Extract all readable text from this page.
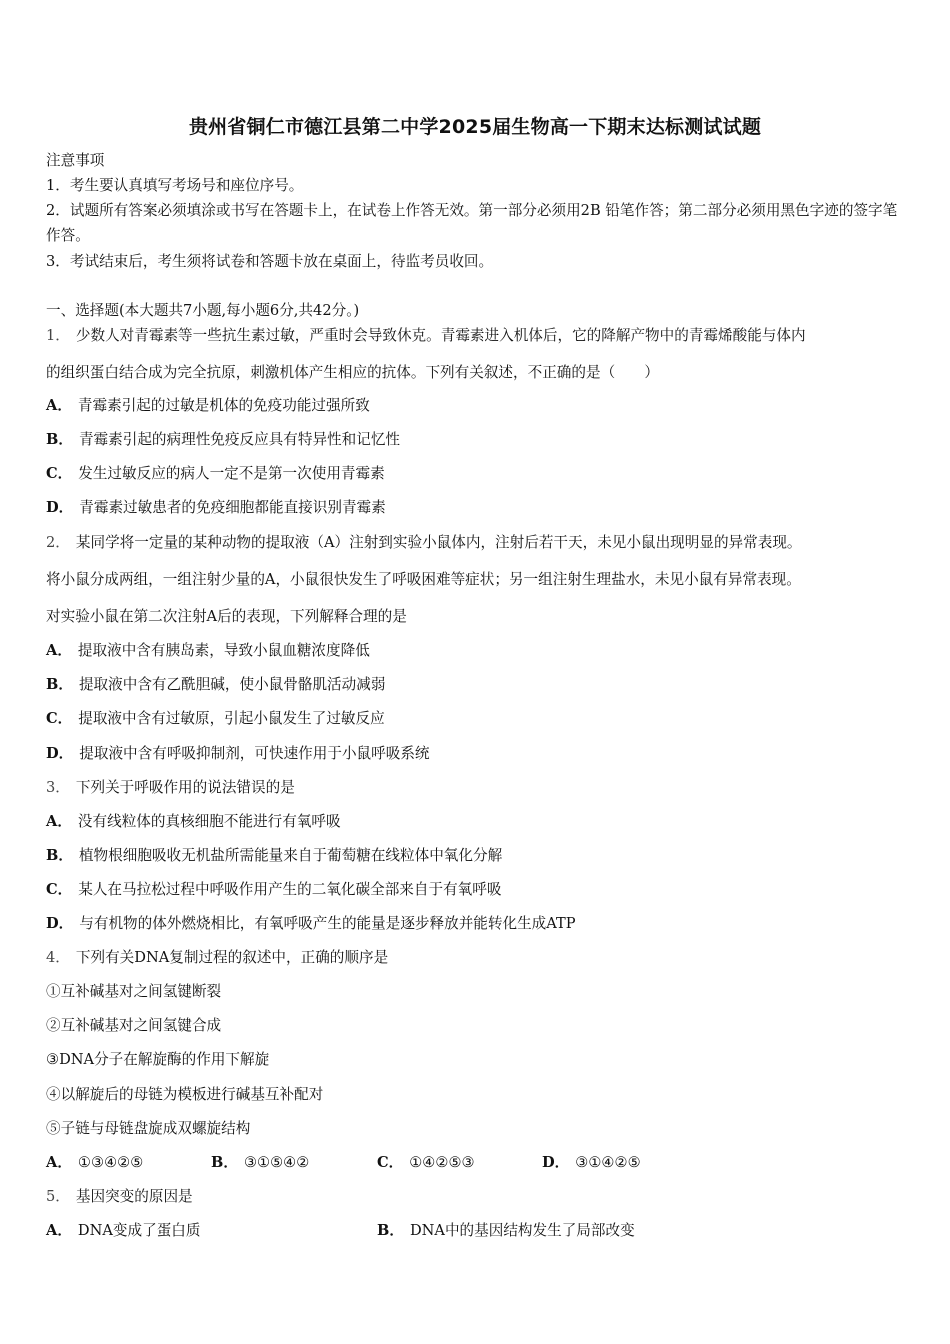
贵州省铜仁市德江县第二中学2025届生物高一下期末达标测试试题
注意事项
1．考生要认真填写考场号和座位序号。
2．试题所有答案必须填涂或书写在答题卡上，在试卷上作答无效。第一部分必须用2B 铅笔作答；第二部分必须用黑色字迹的签字笔作答。
3．考试结束后，考生须将试卷和答题卡放在桌面上，待监考员收回。
一、选择题(本大题共7小题,每小题6分,共42分。)
1． 少数人对青霉素等一些抗生素过敏，严重时会导致休克。青霉素进入机体后，它的降解产物中的青霉烯酸能与体内
的组织蛋白结合成为完全抗原，刺激机体产生相应的抗体。下列有关叙述，不正确的是（　　）
A． 青霉素引起的过敏是机体的免疫功能过强所致
B． 青霉素引起的病理性免疫反应具有特异性和记忆性
C． 发生过敏反应的病人一定不是第一次使用青霉素
D． 青霉素过敏患者的免疫细胞都能直接识别青霉素
2． 某同学将一定量的某种动物的提取液（A）注射到实验小鼠体内，注射后若干天，未见小鼠出现明显的异常表现。
将小鼠分成两组，一组注射少量的A，小鼠很快发生了呼吸困难等症状；另一组注射生理盐水，未见小鼠有异常表现。
对实验小鼠在第二次注射A后的表现，下列解释合理的是
A． 提取液中含有胰岛素，导致小鼠血糖浓度降低
B． 提取液中含有乙酰胆碱，使小鼠骨骼肌活动减弱
C． 提取液中含有过敏原，引起小鼠发生了过敏反应
D． 提取液中含有呼吸抑制剂，可快速作用于小鼠呼吸系统
3． 下列关于呼吸作用的说法错误的是
A． 没有线粒体的真核细胞不能进行有氧呼吸
B． 植物根细胞吸收无机盐所需能量来自于葡萄糖在线粒体中氧化分解
C． 某人在马拉松过程中呼吸作用产生的二氧化碳全部来自于有氧呼吸
D． 与有机物的体外燃烧相比，有氧呼吸产生的能量是逐步释放并能转化生成ATP
4． 下列有关DNA复制过程的叙述中，正确的顺序是
①互补碱基对之间氢键断裂
②互补碱基对之间氢键合成
③DNA分子在解旋酶的作用下解旋
④以解旋后的母链为模板进行碱基互补配对
⑤子链与母链盘旋成双螺旋结构
A． ①③④②⑤	B． ③①⑤④②	C． ①④②⑤③	D． ③①④②⑤
5． 基因突变的原因是
A． DNA变成了蛋白质	B． DNA中的基因结构发生了局部改变
